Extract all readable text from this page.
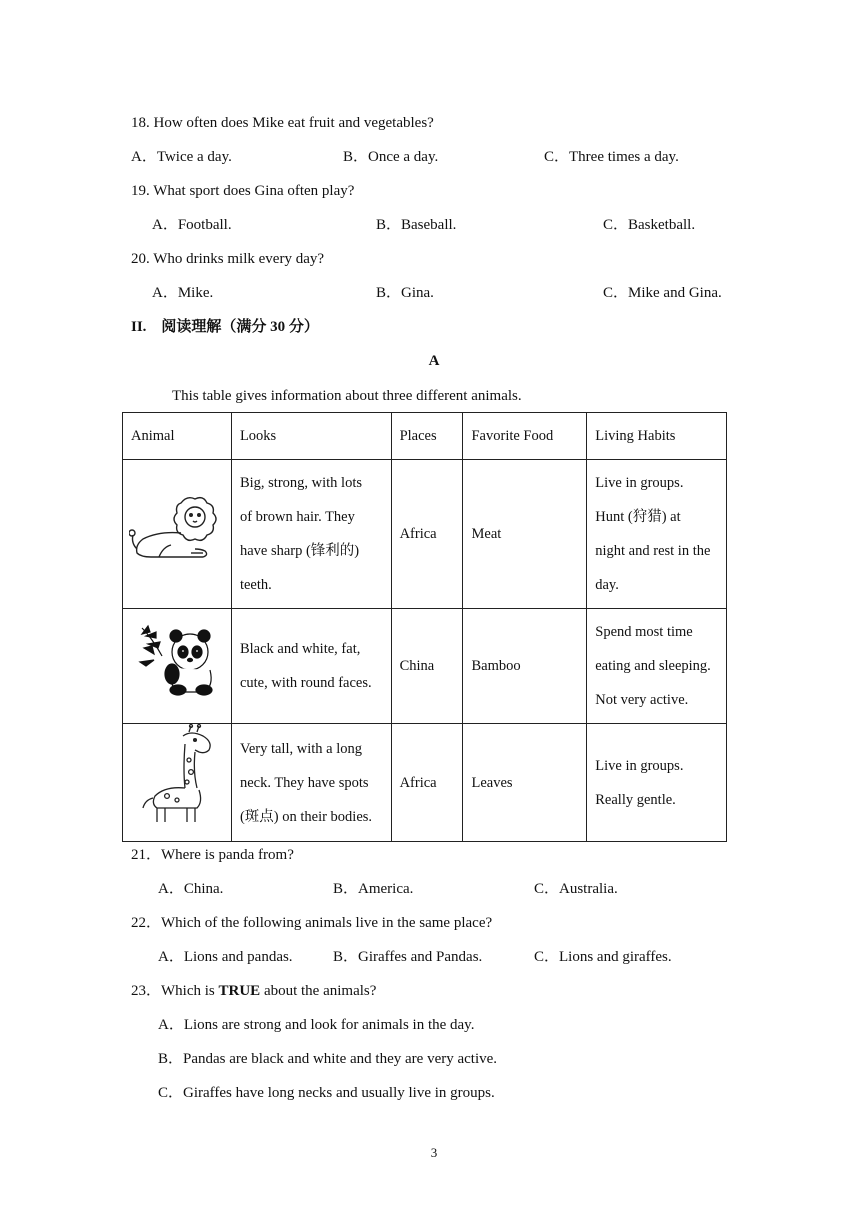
18. How often does Mike eat fruit and vegetables?
A．Twice a day.	B．Once a day.	C．Three times a day.
19. What sport does Gina often play?
A．Football.	B．Baseball.	C．Basketball.
20. Who drinks milk every day?
A．Mike.	B．Gina.	C．Mike and Gina.
II.　阅读理解（满分 30 分）
A
This table gives information about three different animals.
Animal	Looks	Places	Favorite Food	Living Habits

Big, strong, with lots
of brown hair. They
have sharp (锋利的)
teeth.	Africa	Meat	Live in groups.
Hunt (狩猎) at
night and rest in the
day.

Black and white, fat,
cute, with round faces.	China	Bamboo	Spend most time
eating and sleeping.
Not very active.

Very tall, with a long
neck. They have spots
(斑点) on their bodies.	Africa	Leaves	Live in groups.
Really gentle.
21．Where is panda from?
A．China.	B．America.	C．Australia.
22．Which of the following animals live in the same place?
A．Lions and pandas.	B．Giraffes and Pandas.	C．Lions and giraffes.
23．Which is TRUE about the animals?
A．Lions are strong and look for animals in the day.
B．Pandas are black and white and they are very active.
C．Giraffes have long necks and usually live in groups.
3
